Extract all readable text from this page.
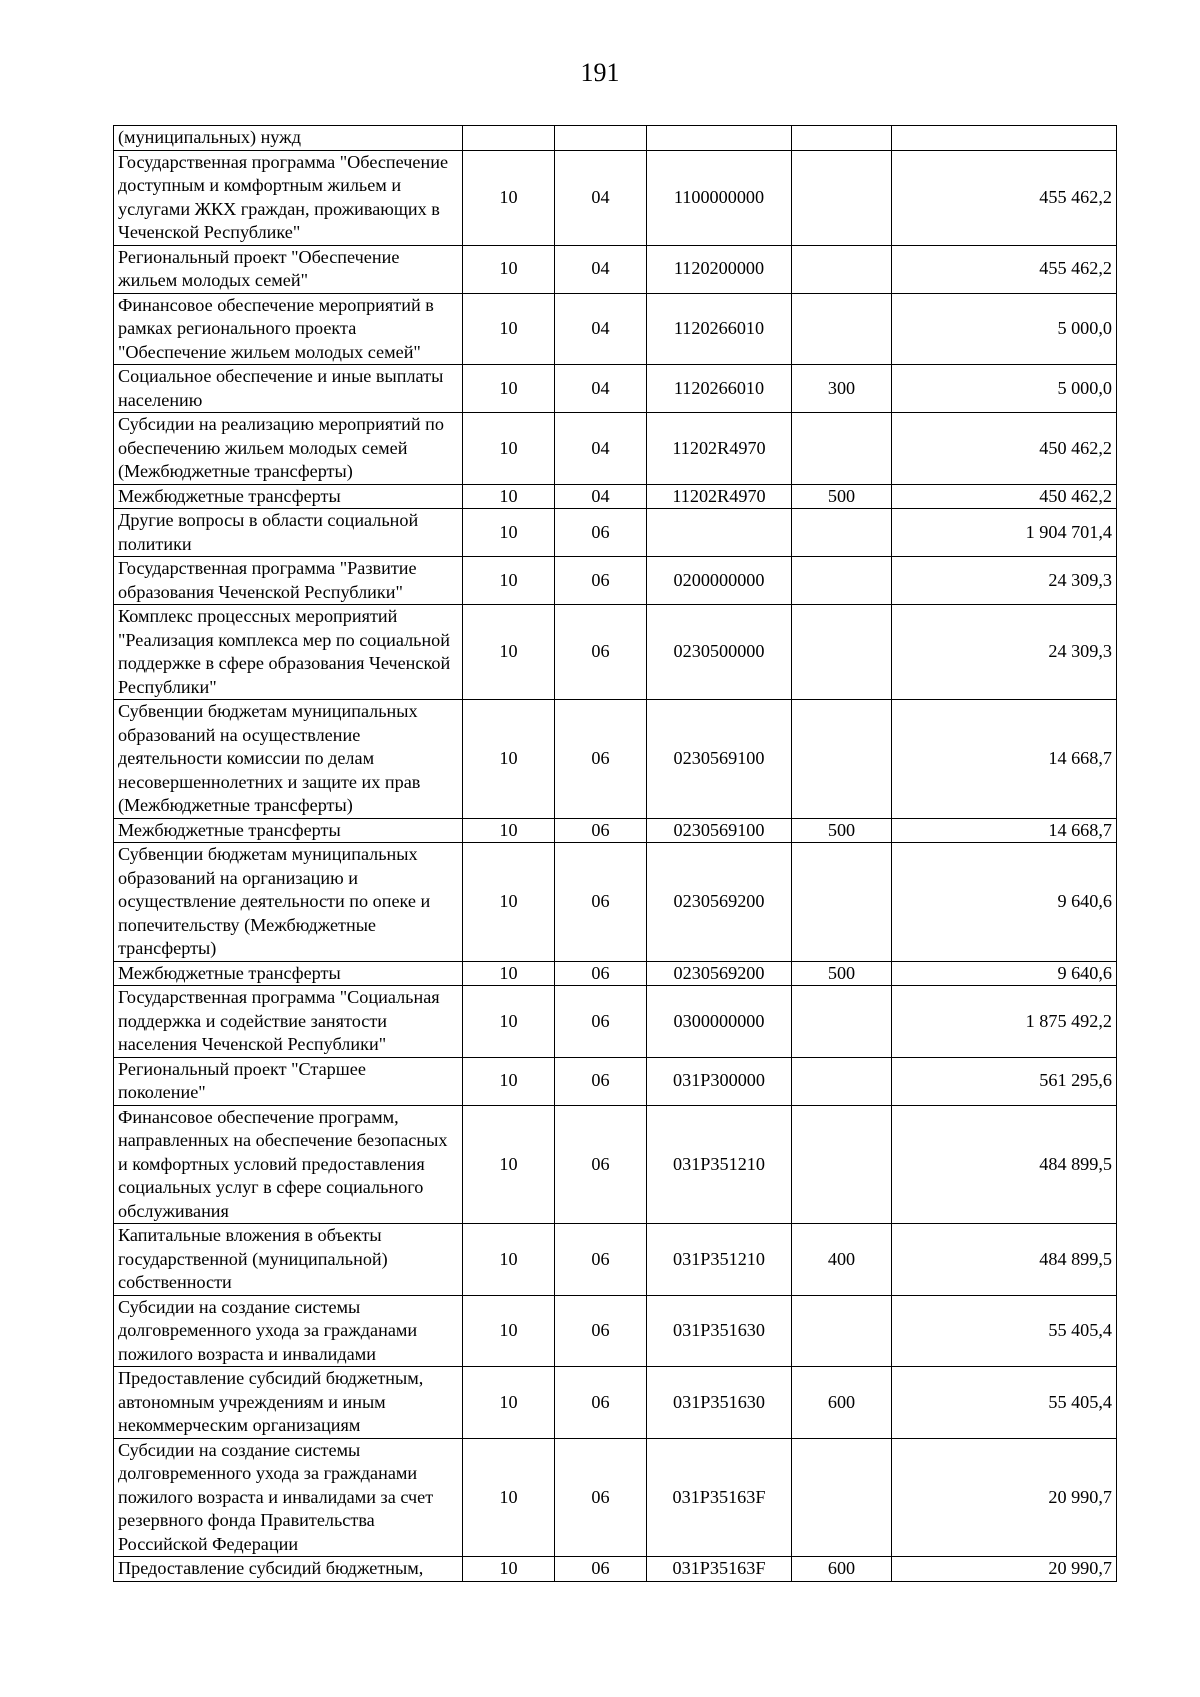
191
(муниципальных) нужд					
Государственная программа "Обеспечение доступным и комфортным жильем и услугами ЖКХ граждан, проживающих в Чеченской Республике"	10	04	1100000000		455 462,2
Региональный проект "Обеспечение жильем молодых семей"	10	04	1120200000		455 462,2
Финансовое обеспечение мероприятий в рамках регионального проекта "Обеспечение жильем молодых семей"	10	04	1120266010		5 000,0
Социальное обеспечение и иные выплаты населению	10	04	1120266010	300	5 000,0
Субсидии на реализацию мероприятий по обеспечению жильем молодых семей (Межбюджетные трансферты)	10	04	11202R4970		450 462,2
Межбюджетные трансферты	10	04	11202R4970	500	450 462,2
Другие вопросы в области социальной политики	10	06			1 904 701,4
Государственная программа "Развитие образования Чеченской Республики"	10	06	0200000000		24 309,3
Комплекс процессных мероприятий "Реализация комплекса мер по социальной поддержке в сфере образования Чеченской Республики"	10	06	0230500000		24 309,3
Субвенции бюджетам муниципальных образований на осуществление деятельности комиссии по делам несовершеннолетних и защите их прав (Межбюджетные трансферты)	10	06	0230569100		14 668,7
Межбюджетные трансферты	10	06	0230569100	500	14 668,7
Субвенции бюджетам муниципальных образований на организацию и осуществление деятельности по опеке и попечительству (Межбюджетные трансферты)	10	06	0230569200		9 640,6
Межбюджетные трансферты	10	06	0230569200	500	9 640,6
Государственная программа "Социальная поддержка и содействие занятости населения Чеченской Республики"	10	06	0300000000		1 875 492,2
Региональный проект "Старшее поколение"	10	06	031P300000		561 295,6
Финансовое обеспечение программ, направленных на обеспечение безопасных и комфортных условий предоставления социальных услуг в сфере социального обслуживания	10	06	031P351210		484 899,5
Капитальные вложения в объекты государственной (муниципальной) собственности	10	06	031P351210	400	484 899,5
Субсидии на создание системы долговременного ухода за гражданами пожилого возраста и инвалидами	10	06	031P351630		55 405,4
Предоставление субсидий бюджетным, автономным учреждениям и иным некоммерческим организациям	10	06	031P351630	600	55 405,4
Субсидии на создание системы долговременного ухода за гражданами пожилого возраста и инвалидами за счет резервного фонда Правительства Российской Федерации	10	06	031P35163F		20 990,7
Предоставление субсидий бюджетным,	10	06	031P35163F	600	20 990,7
